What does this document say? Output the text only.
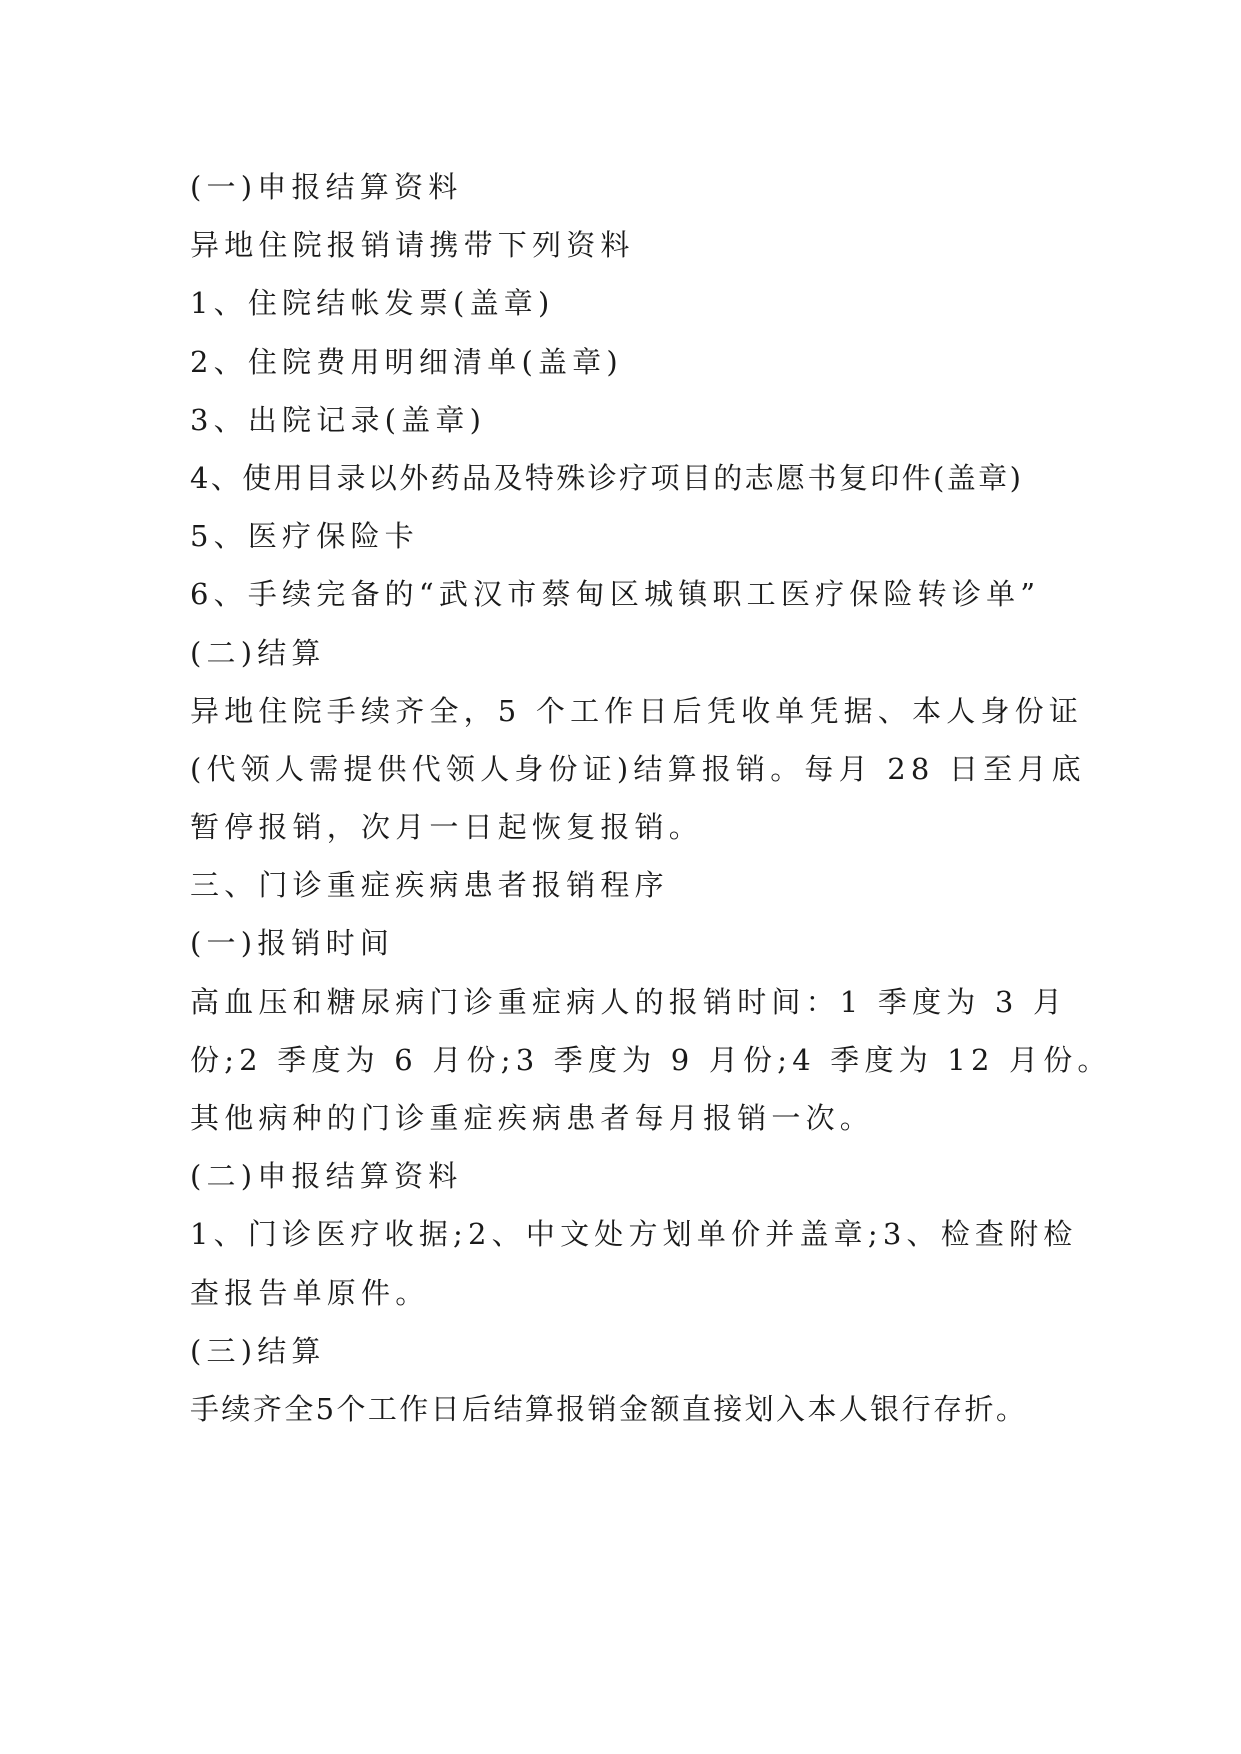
(一)申报结算资料
异地住院报销请携带下列资料
1、住院结帐发票(盖章)
2、住院费用明细清单(盖章)
3、出院记录(盖章)
4、使用目录以外药品及特殊诊疗项目的志愿书复印件(盖章)
5、医疗保险卡
6、手续完备的“武汉市蔡甸区城镇职工医疗保险转诊单”
(二)结算
异地住院手续齐全，5 个工作日后凭收单凭据、本人身份证
(代领人需提供代领人身份证)结算报销。每月 28 日至月底
暂停报销，次月一日起恢复报销。
三、门诊重症疾病患者报销程序
(一)报销时间
高血压和糖尿病门诊重症病人的报销时间：1 季度为 3 月
份;2 季度为 6 月份;3 季度为 9 月份;4 季度为 12 月份。
其他病种的门诊重症疾病患者每月报销一次。
(二)申报结算资料
1、门诊医疗收据;2、中文处方划单价并盖章;3、检查附检
查报告单原件。
(三)结算
手续齐全5个工作日后结算报销金额直接划入本人银行存折。
